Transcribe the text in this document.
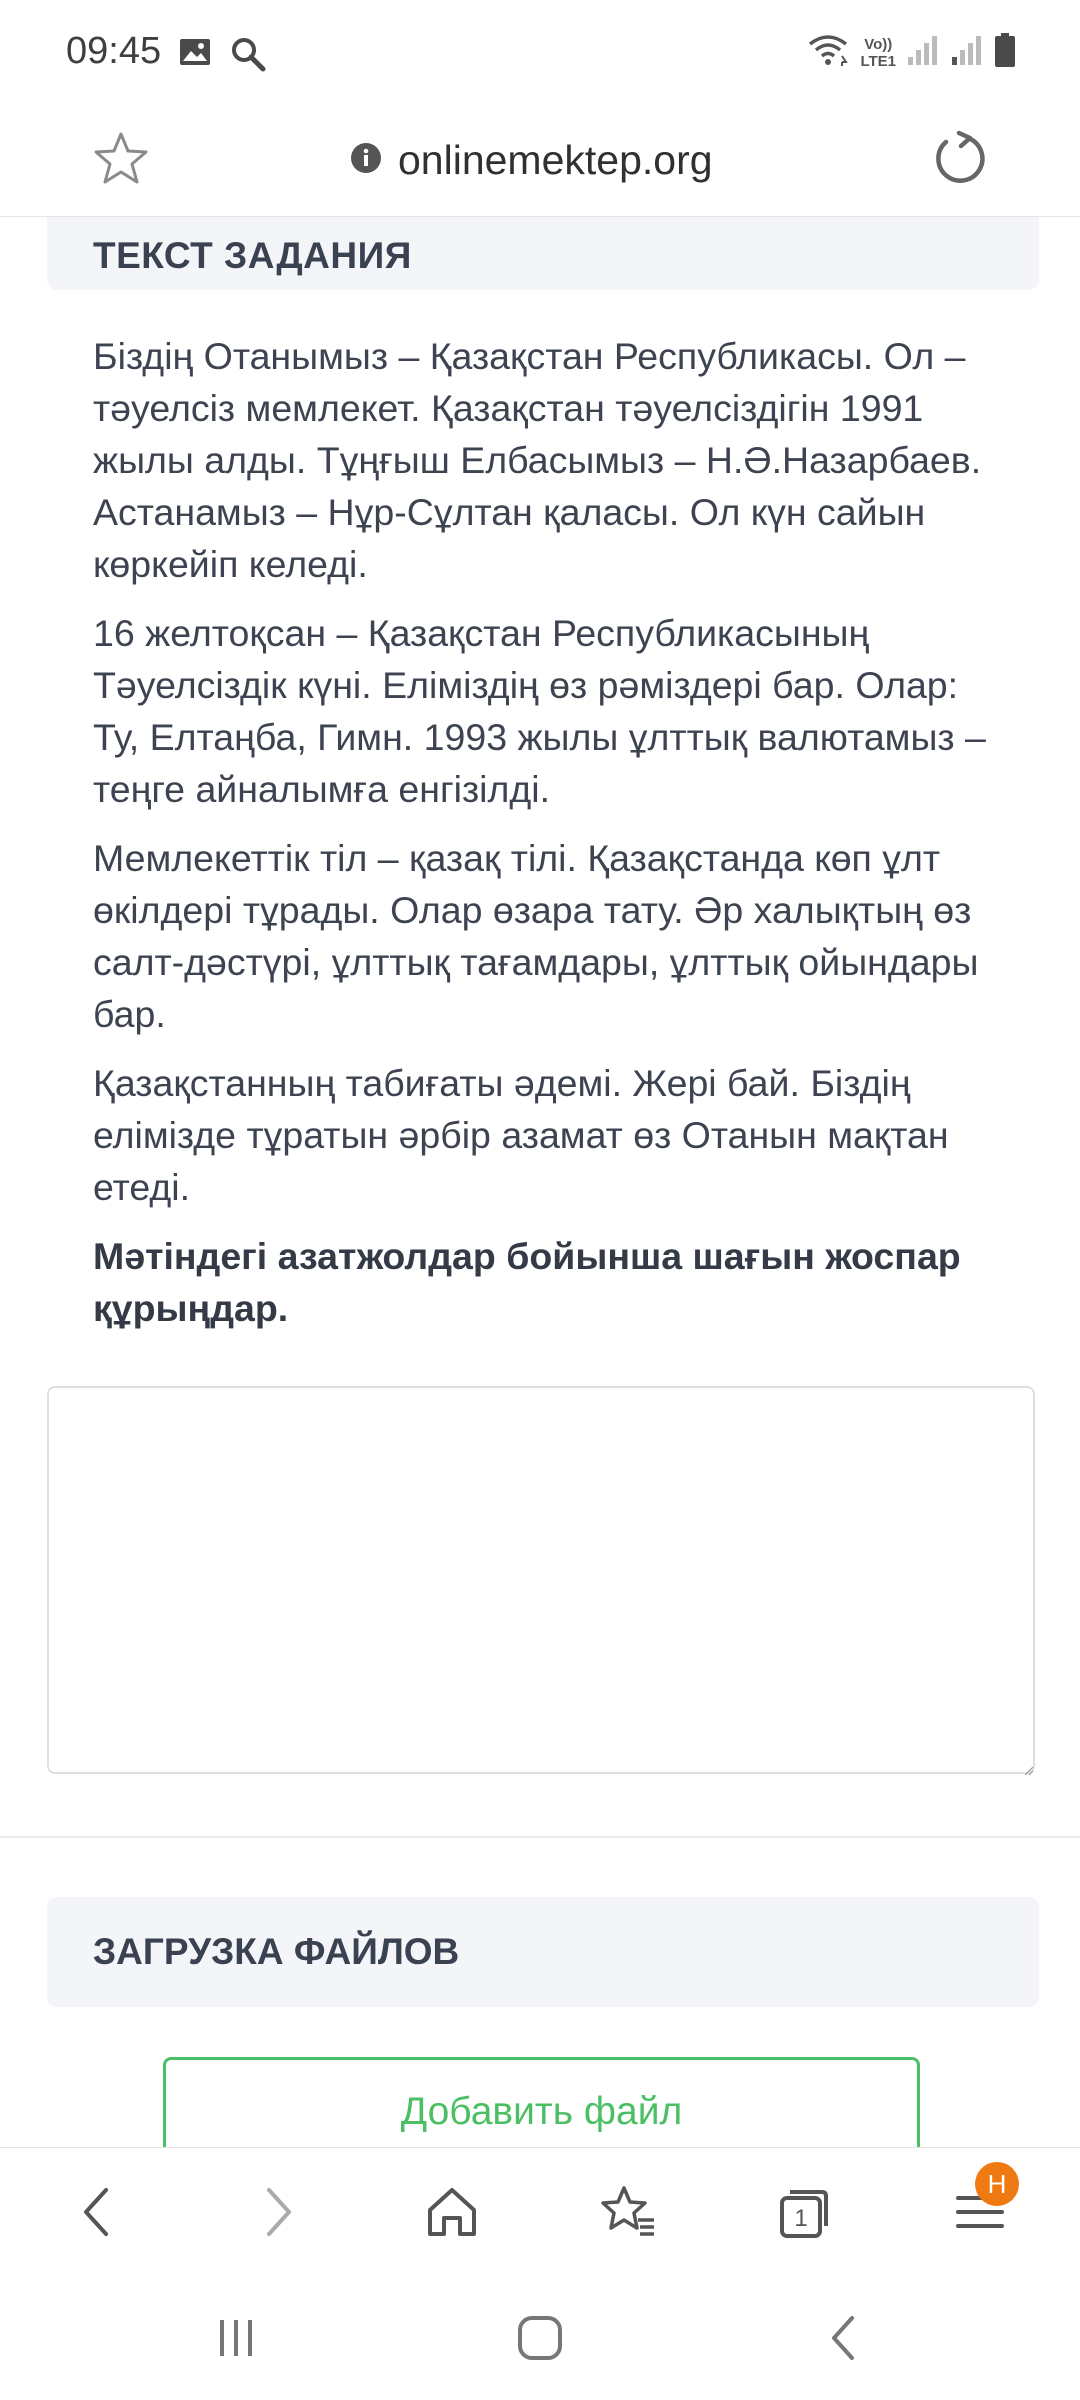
09:45	Vo))
LTE1
onlinemektep.org
ТЕКСТ ЗАДАНИЯ

Біздің Отанымыз – Қазақстан Республикасы. Ол – тәуелсіз мемлекет. Қазақстан тәуелсіздігін 1991 жылы алды. Тұңғыш Елбасымыз – Н.Ә.Назарбаев. Астанамыз – Нұр-Сұлтан қаласы. Ол күн сайын көркейіп келеді.

16 желтоқсан – Қазақстан Республикасының Тәуелсіздік күні. Еліміздің өз рәміздері бар. Олар: Ту, Елтаңба, Гимн. 1993 жылы ұлттық валютамыз – теңге айналымға енгізілді.

Мемлекеттік тіл – қазақ тілі. Қазақстанда көп ұлт өкілдері тұрады. Олар өзара тату. Әр халықтың өз салт-дәстүрі, ұлттық тағамдары, ұлттық ойындары бар.

Қазақстанның табиғаты әдемі. Жері бай. Біздің елімізде тұратын әрбір азамат өз Отанын мақтан етеді.

Мәтіндегі азатжолдар бойынша шағын жоспар құрыңдар.

ЗАГРУЗКА ФАЙЛОВ
Добавить файл
1
H
